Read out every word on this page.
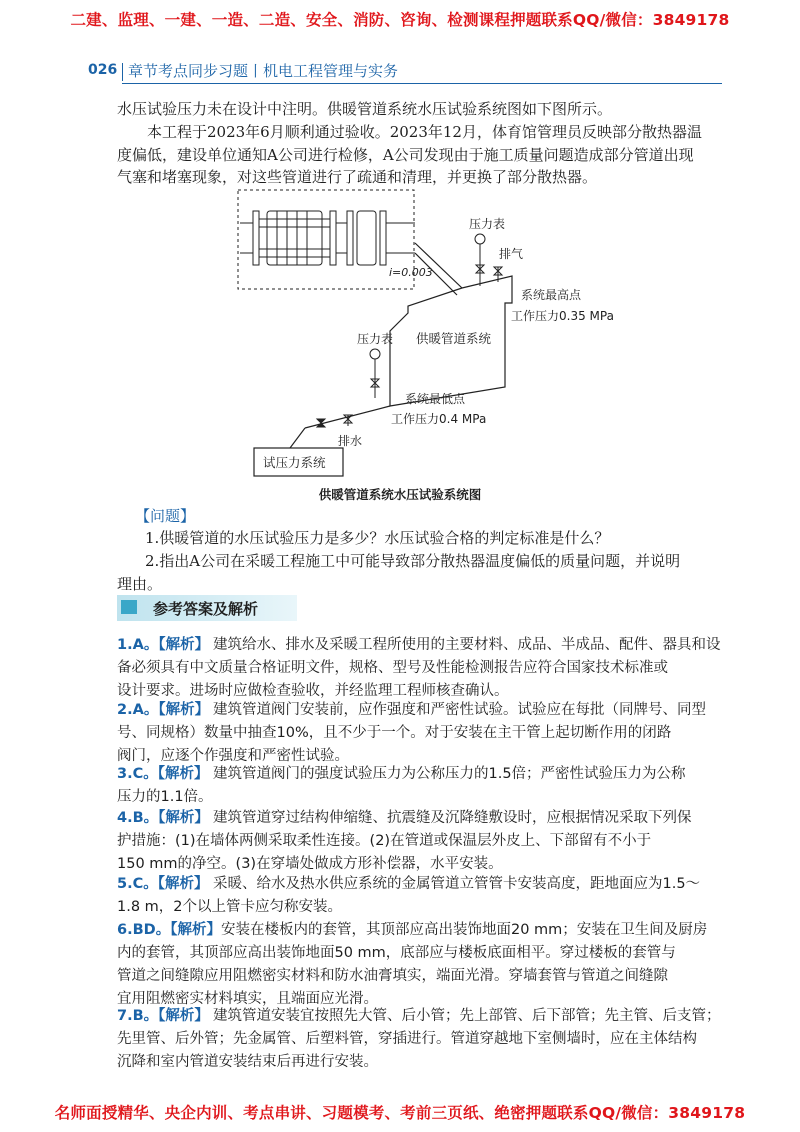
二建、监理、一建、一造、二造、安全、消防、咨询、检测课程押题联系QQ/微信：3849178
026 章节考点同步习题丨机电工程管理与实务
水压试验压力未在设计中注明。供暖管道系统水压试验系统图如下图所示。
　　本工程于2023年6月顺利通过验收。2023年12月，体育馆管理员反映部分散热器温
度偏低，建设单位通知A公司进行检修，A公司发现由于施工质量问题造成部分管道出现
气塞和堵塞现象，对这些管道进行了疏通和清理，并更换了部分散热器。
i=0.003
压力表
排气
供暖管道系统
系统最高点
工作压力0.35 MPa
压力表
系统最低点
工作压力0.4 MPa
排水
试压力系统
供暖管道系统水压试验系统图
【问题】
1.供暖管道的水压试验压力是多少？水压试验合格的判定标准是什么？
2.指出A公司在采暖工程施工中可能导致部分散热器温度偏低的质量问题，并说明
理由。
参考答案及解析
1.A。【解析】 建筑给水、排水及采暖工程所使用的主要材料、成品、半成品、配件、器具和设
备必须具有中文质量合格证明文件，规格、型号及性能检测报告应符合国家技术标准或
设计要求。进场时应做检查验收，并经监理工程师核查确认。
2.A。【解析】 建筑管道阀门安装前，应作强度和严密性试验。试验应在每批（同牌号、同型
号、同规格）数量中抽查10%，且不少于一个。对于安装在主干管上起切断作用的闭路
阀门，应逐个作强度和严密性试验。
3.C。【解析】 建筑管道阀门的强度试验压力为公称压力的1.5倍；严密性试验压力为公称
压力的1.1倍。
4.B。【解析】 建筑管道穿过结构伸缩缝、抗震缝及沉降缝敷设时，应根据情况采取下列保
护措施：(1)在墙体两侧采取柔性连接。(2)在管道或保温层外皮上、下部留有不小于
150 mm的净空。(3)在穿墙处做成方形补偿器，水平安装。
5.C。【解析】 采暖、给水及热水供应系统的金属管道立管管卡安装高度，距地面应为1.5～
1.8 m，2个以上管卡应匀称安装。
6.BD。【解析】 安装在楼板内的套管，其顶部应高出装饰地面20 mm；安装在卫生间及厨房
内的套管，其顶部应高出装饰地面50 mm，底部应与楼板底面相平。穿过楼板的套管与
管道之间缝隙应用阻燃密实材料和防水油膏填实，端面光滑。穿墙套管与管道之间缝隙
宜用阻燃密实材料填实，且端面应光滑。
7.B。【解析】 建筑管道安装宜按照先大管、后小管；先上部管、后下部管；先主管、后支管；
先里管、后外管；先金属管、后塑料管，穿插进行。管道穿越地下室侧墙时，应在主体结构
沉降和室内管道安装结束后再进行安装。
名师面授精华、央企内训、考点串讲、习题模考、考前三页纸、绝密押题联系QQ/微信：3849178
